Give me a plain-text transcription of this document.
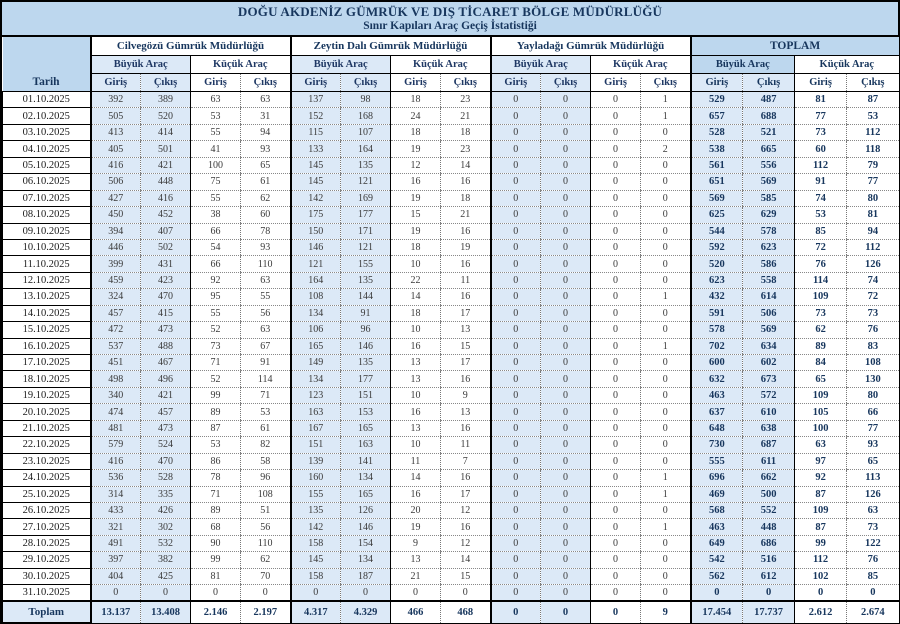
DOĞU AKDENİZ GÜMRÜK VE DIŞ TİCARET BÖLGE MÜDÜRLÜĞÜ
Sınır Kapıları Araç Geçiş İstatistiği
Tarih	Cilvegözü Gümrük Müdürlüğü				Zeytin Dalı Gümrük Müdürlüğü				Yayladağı Gümrük Müdürlüğü				TOPLAM			
	Büyük Araç		Küçük Araç		Büyük Araç		Küçük Araç		Büyük Araç		Küçük Araç		Büyük Araç		Küçük Araç	
	Giriş	Çıkış	Giriş	Çıkış	Giriş	Çıkış	Giriş	Çıkış	Giriş	Çıkış	Giriş	Çıkış	Giriş	Çıkış	Giriş	Çıkış
01.10.2025	392	389	63	63	137	98	18	23	0	0	0	1	529	487	81	87
02.10.2025	505	520	53	31	152	168	24	21	0	0	0	1	657	688	77	53
03.10.2025	413	414	55	94	115	107	18	18	0	0	0	0	528	521	73	112
04.10.2025	405	501	41	93	133	164	19	23	0	0	0	2	538	665	60	118
05.10.2025	416	421	100	65	145	135	12	14	0	0	0	0	561	556	112	79
06.10.2025	506	448	75	61	145	121	16	16	0	0	0	0	651	569	91	77
07.10.2025	427	416	55	62	142	169	19	18	0	0	0	0	569	585	74	80
08.10.2025	450	452	38	60	175	177	15	21	0	0	0	0	625	629	53	81
09.10.2025	394	407	66	78	150	171	19	16	0	0	0	0	544	578	85	94
10.10.2025	446	502	54	93	146	121	18	19	0	0	0	0	592	623	72	112
11.10.2025	399	431	66	110	121	155	10	16	0	0	0	0	520	586	76	126
12.10.2025	459	423	92	63	164	135	22	11	0	0	0	0	623	558	114	74
13.10.2025	324	470	95	55	108	144	14	16	0	0	0	1	432	614	109	72
14.10.2025	457	415	55	56	134	91	18	17	0	0	0	0	591	506	73	73
15.10.2025	472	473	52	63	106	96	10	13	0	0	0	0	578	569	62	76
16.10.2025	537	488	73	67	165	146	16	15	0	0	0	1	702	634	89	83
17.10.2025	451	467	71	91	149	135	13	17	0	0	0	0	600	602	84	108
18.10.2025	498	496	52	114	134	177	13	16	0	0	0	0	632	673	65	130
19.10.2025	340	421	99	71	123	151	10	9	0	0	0	0	463	572	109	80
20.10.2025	474	457	89	53	163	153	16	13	0	0	0	0	637	610	105	66
21.10.2025	481	473	87	61	167	165	13	16	0	0	0	0	648	638	100	77
22.10.2025	579	524	53	82	151	163	10	11	0	0	0	0	730	687	63	93
23.10.2025	416	470	86	58	139	141	11	7	0	0	0	0	555	611	97	65
24.10.2025	536	528	78	96	160	134	14	16	0	0	0	1	696	662	92	113
25.10.2025	314	335	71	108	155	165	16	17	0	0	0	1	469	500	87	126
26.10.2025	433	426	89	51	135	126	20	12	0	0	0	0	568	552	109	63
27.10.2025	321	302	68	56	142	146	19	16	0	0	0	1	463	448	87	73
28.10.2025	491	532	90	110	158	154	9	12	0	0	0	0	649	686	99	122
29.10.2025	397	382	99	62	145	134	13	14	0	0	0	0	542	516	112	76
30.10.2025	404	425	81	70	158	187	21	15	0	0	0	0	562	612	102	85
31.10.2025	0	0	0	0	0	0	0	0	0	0	0	0	0	0	0	0
Toplam	13.137	13.408	2.146	2.197	4.317	4.329	466	468	0	0	0	9	17.454	17.737	2.612	2.674
